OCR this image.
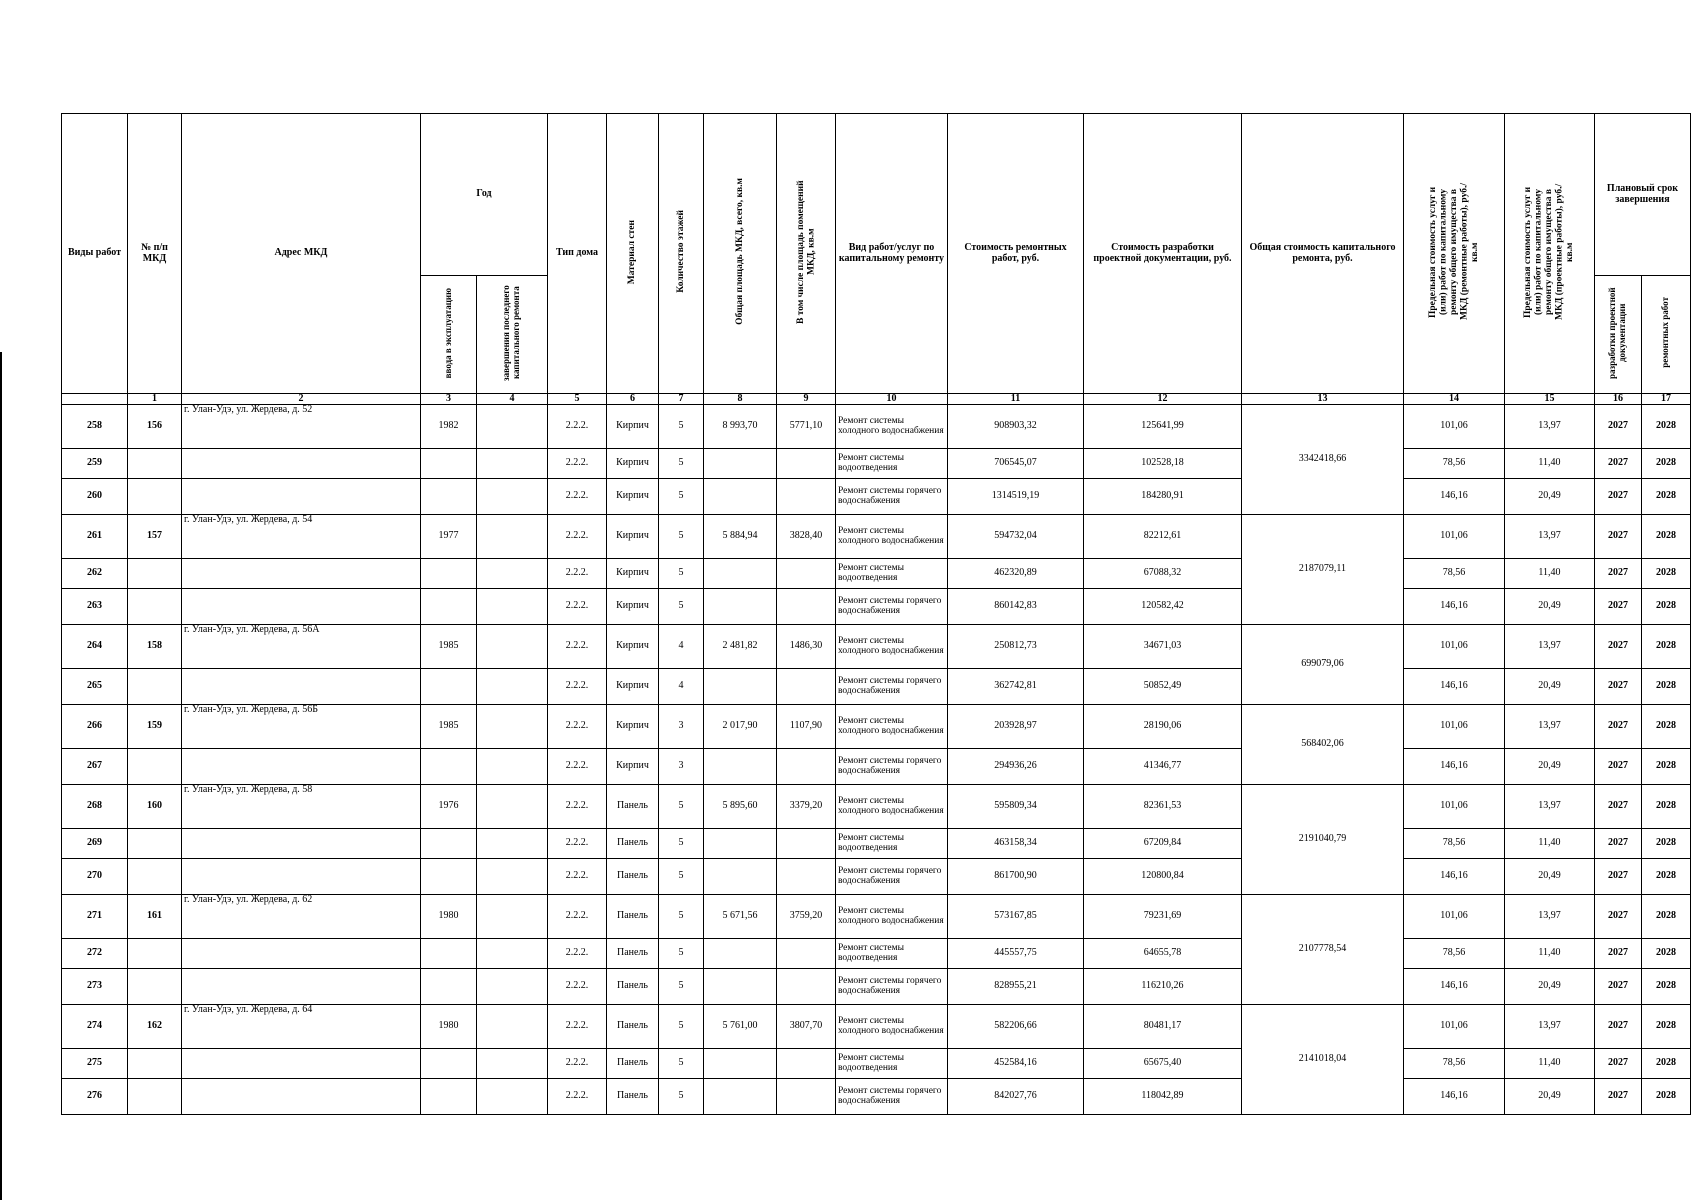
Виды работ	№ п/п МКД	Адрес МКД	Год		Тип дома	Материал стен	Количество этажей	Общая площадь МКД, всего, кв.м	В том числе площадь помещений МКД, кв.м	Вид работ/услуг по капитальному ремонту	Стоимость ремонтных работ, руб.	Стоимость разработки проектной документации, руб.	Общая стоимость капитального ремонта, руб.	Предельная стоимость услуг и (или) работ по капитальному ремонту общего имущества в МКД (ремонтные работы), руб./кв.м	Предельная стоимость услуг и (или) работ по капитальному ремонту общего имущества в МКД (проектные работы), руб./кв.м	Плановый срок завершения	
			ввода в эксплуатацию	завершения последнего капитального ремонта												разработки проектной документации	ремонтных работ
	1	2	3	4	5	6	7	8	9	10	11	12	13	14	15	16	17
258	156	г. Улан-Удэ, ул. Жердева, д. 52	1982		2.2.2.	Кирпич	5	8 993,70	5771,10	Ремонт системы холодного водоснабжения	908903,32	125641,99	3342418,66	101,06	13,97	2027	2028
259					2.2.2.	Кирпич	5			Ремонт системы водоотведения	706545,07	102528,18		78,56	11,40	2027	2028
260					2.2.2.	Кирпич	5			Ремонт системы горячего водоснабжения	1314519,19	184280,91		146,16	20,49	2027	2028
261	157	г. Улан-Удэ, ул. Жердева, д. 54	1977		2.2.2.	Кирпич	5	5 884,94	3828,40	Ремонт системы холодного водоснабжения	594732,04	82212,61	2187079,11	101,06	13,97	2027	2028
262					2.2.2.	Кирпич	5			Ремонт системы водоотведения	462320,89	67088,32		78,56	11,40	2027	2028
263					2.2.2.	Кирпич	5			Ремонт системы горячего водоснабжения	860142,83	120582,42		146,16	20,49	2027	2028
264	158	г. Улан-Удэ, ул. Жердева, д. 56А	1985		2.2.2.	Кирпич	4	2 481,82	1486,30	Ремонт системы холодного водоснабжения	250812,73	34671,03	699079,06	101,06	13,97	2027	2028
265					2.2.2.	Кирпич	4			Ремонт системы горячего водоснабжения	362742,81	50852,49		146,16	20,49	2027	2028
266	159	г. Улан-Удэ, ул. Жердева, д. 56Б	1985		2.2.2.	Кирпич	3	2 017,90	1107,90	Ремонт системы холодного водоснабжения	203928,97	28190,06	568402,06	101,06	13,97	2027	2028
267					2.2.2.	Кирпич	3			Ремонт системы горячего водоснабжения	294936,26	41346,77		146,16	20,49	2027	2028
268	160	г. Улан-Удэ, ул. Жердева, д. 58	1976		2.2.2.	Панель	5	5 895,60	3379,20	Ремонт системы холодного водоснабжения	595809,34	82361,53	2191040,79	101,06	13,97	2027	2028
269					2.2.2.	Панель	5			Ремонт системы водоотведения	463158,34	67209,84		78,56	11,40	2027	2028
270					2.2.2.	Панель	5			Ремонт системы горячего водоснабжения	861700,90	120800,84		146,16	20,49	2027	2028
271	161	г. Улан-Удэ, ул. Жердева, д. 62	1980		2.2.2.	Панель	5	5 671,56	3759,20	Ремонт системы холодного водоснабжения	573167,85	79231,69	2107778,54	101,06	13,97	2027	2028
272					2.2.2.	Панель	5			Ремонт системы водоотведения	445557,75	64655,78		78,56	11,40	2027	2028
273					2.2.2.	Панель	5			Ремонт системы горячего водоснабжения	828955,21	116210,26		146,16	20,49	2027	2028
274	162	г. Улан-Удэ, ул. Жердева, д. 64	1980		2.2.2.	Панель	5	5 761,00	3807,70	Ремонт системы холодного водоснабжения	582206,66	80481,17	2141018,04	101,06	13,97	2027	2028
275					2.2.2.	Панель	5			Ремонт системы водоотведения	452584,16	65675,40		78,56	11,40	2027	2028
276					2.2.2.	Панель	5			Ремонт системы горячего водоснабжения	842027,76	118042,89		146,16	20,49	2027	2028
